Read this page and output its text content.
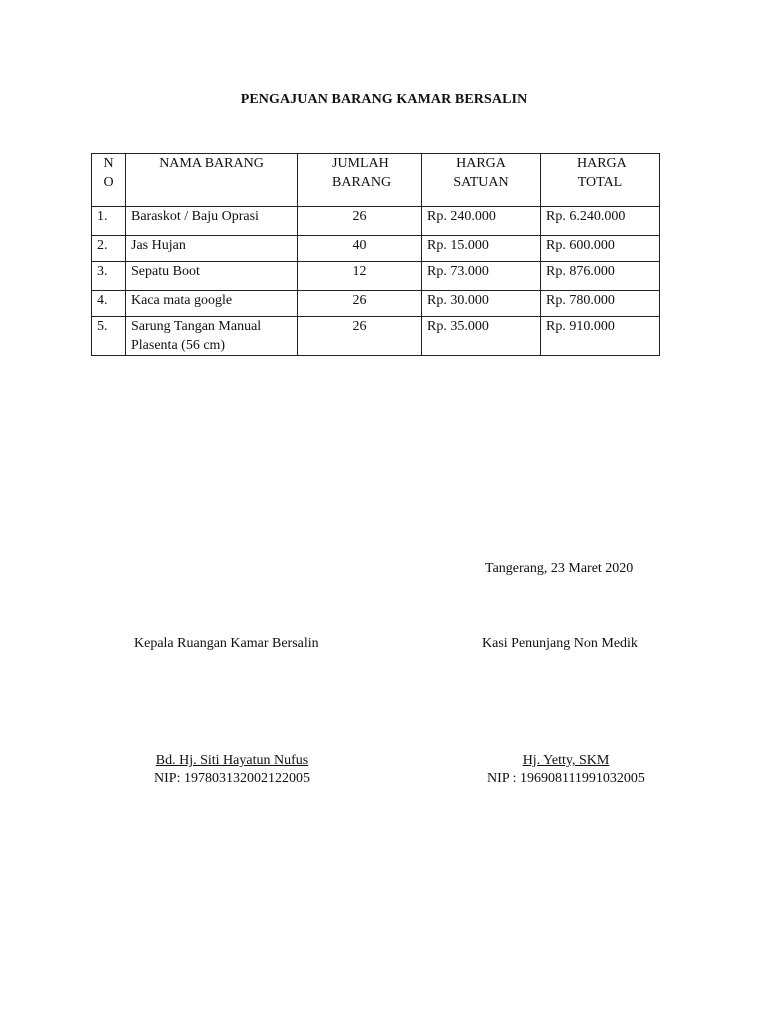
PENGAJUAN BARANG KAMAR BERSALIN
N O	NAMA BARANG	JUMLAH BARANG	HARGA SATUAN	HARGA TOTAL
1.	Baraskot / Baju Oprasi	26	Rp. 240.000	Rp. 6.240.000
2.	Jas Hujan	40	Rp. 15.000	Rp. 600.000
3.	Sepatu Boot	12	Rp. 73.000	Rp. 876.000
4.	Kaca mata google	26	Rp. 30.000	Rp. 780.000
5.	Sarung Tangan Manual Plasenta (56 cm)	26	Rp. 35.000	Rp. 910.000
Tangerang, 23 Maret 2020
Kepala Ruangan Kamar Bersalin	Kasi Penunjang Non Medik
Bd. Hj. Siti Hayatun Nufus
NIP: 197803132002122005
Hj. Yetty, SKM
NIP : 196908111991032005
